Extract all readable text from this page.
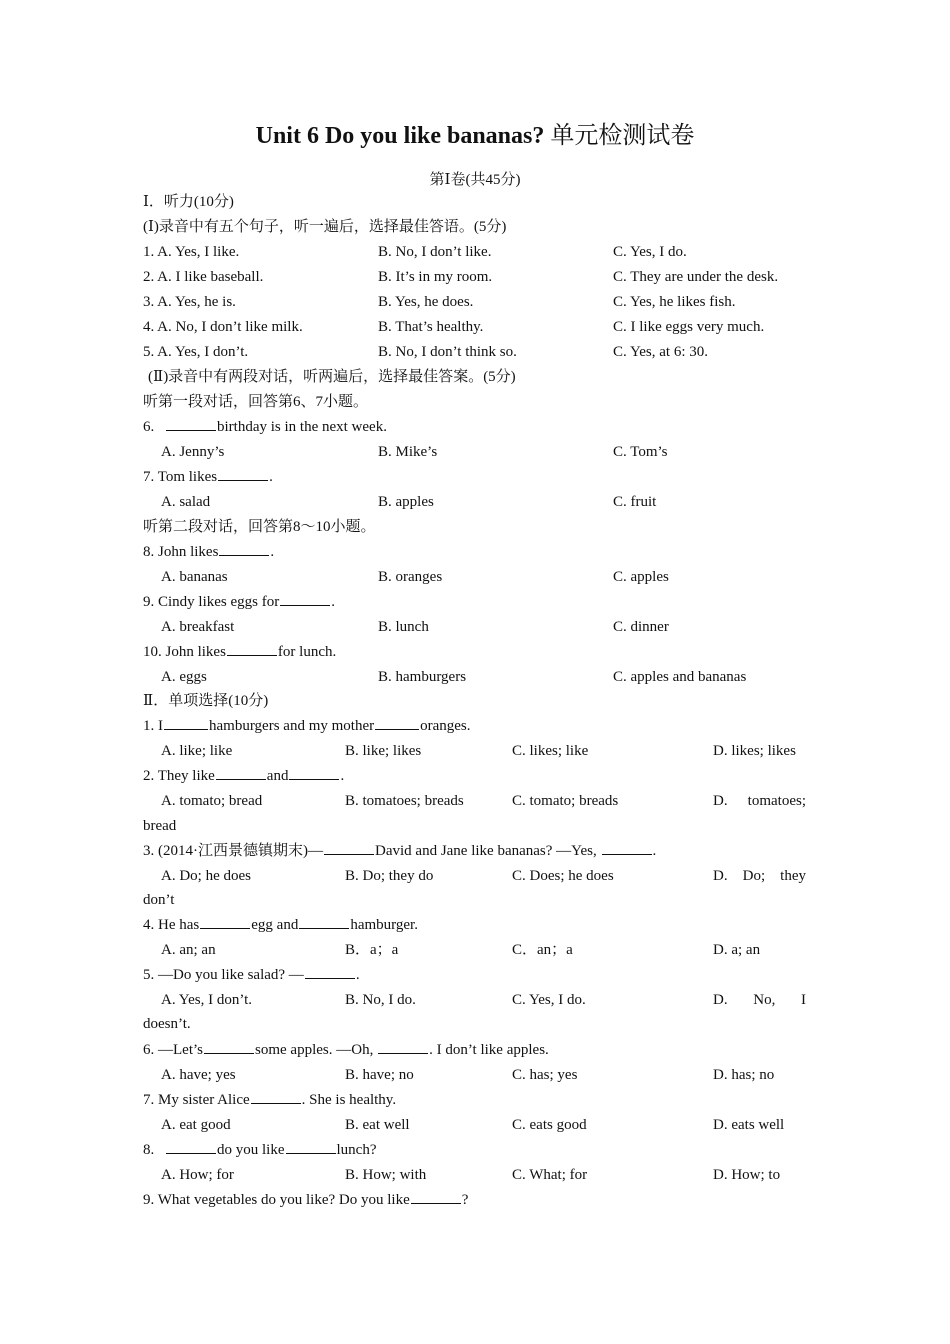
Unit 6 Do you like bananas? 单元检测试卷
第Ⅰ卷(共45分)
Ⅰ．听力(10分)
(Ⅰ)录音中有五个句子，听一遍后，选择最佳答语。(5分)
1. A. Yes, I like.	B. No, I don’t like.	C. Yes, I do.
2. A. I like baseball.	B. It’s in my room.	C. They are under the desk.
3. A. Yes, he is.	B. Yes, he does.	C. Yes, he likes fish.
4. A. No, I don’t like milk.	B. That’s healthy.	C. I like eggs very much.
5. A. Yes, I don’t.	B. No, I don’t think so.	C. Yes, at 6: 30.
(Ⅱ)录音中有两段对话，听两遍后，选择最佳答案。(5分)
听第一段对话，回答第6、7小题。
6.	birthday is in the next week.
A. Jenny’s	B. Mike’s	C. Tom’s
7. Tom likes	.
A. salad	B. apples	C. fruit
听第二段对话，回答第8～10小题。
8. John likes	.
A. bananas	B. oranges	C. apples
9. Cindy likes eggs for	.
A. breakfast	B. lunch	C. dinner
10. John likes	for lunch.
A. eggs	B. hamburgers	C. apples and bananas
Ⅱ．单项选择(10分)
1. I	hamburgers and my mother	oranges.
A. like; like	B. like; likes	C. likes; like	D. likes; likes
2. They like	and	.
A. tomato; bread	B. tomatoes; breads	C. tomato; breads	D. tomatoes;
bread
3. (2014·江西景德镇期末)—	David and Jane like bananas? —Yes,	.
A. Do; he does	B. Do; they do	C. Does; he does	D. Do; they
don’t
4. He has	egg and	hamburger.
A. an; an	B．a；a	C．an；a	D. a; an
5. —Do you like salad? —	.
A. Yes, I don’t.	B. No, I do.	C. Yes, I do.	D. No, I
doesn’t.
6. —Let’s	some apples. —Oh,	. I don’t like apples.
A. have; yes	B. have; no	C. has; yes	D. has; no
7. My sister Alice	. She is healthy.
A. eat good	B. eat well	C. eats good	D. eats well
8.	do you like	lunch?
A. How; for	B. How; with	C. What; for	D. How; to
9. What vegetables do you like? Do you like	?
